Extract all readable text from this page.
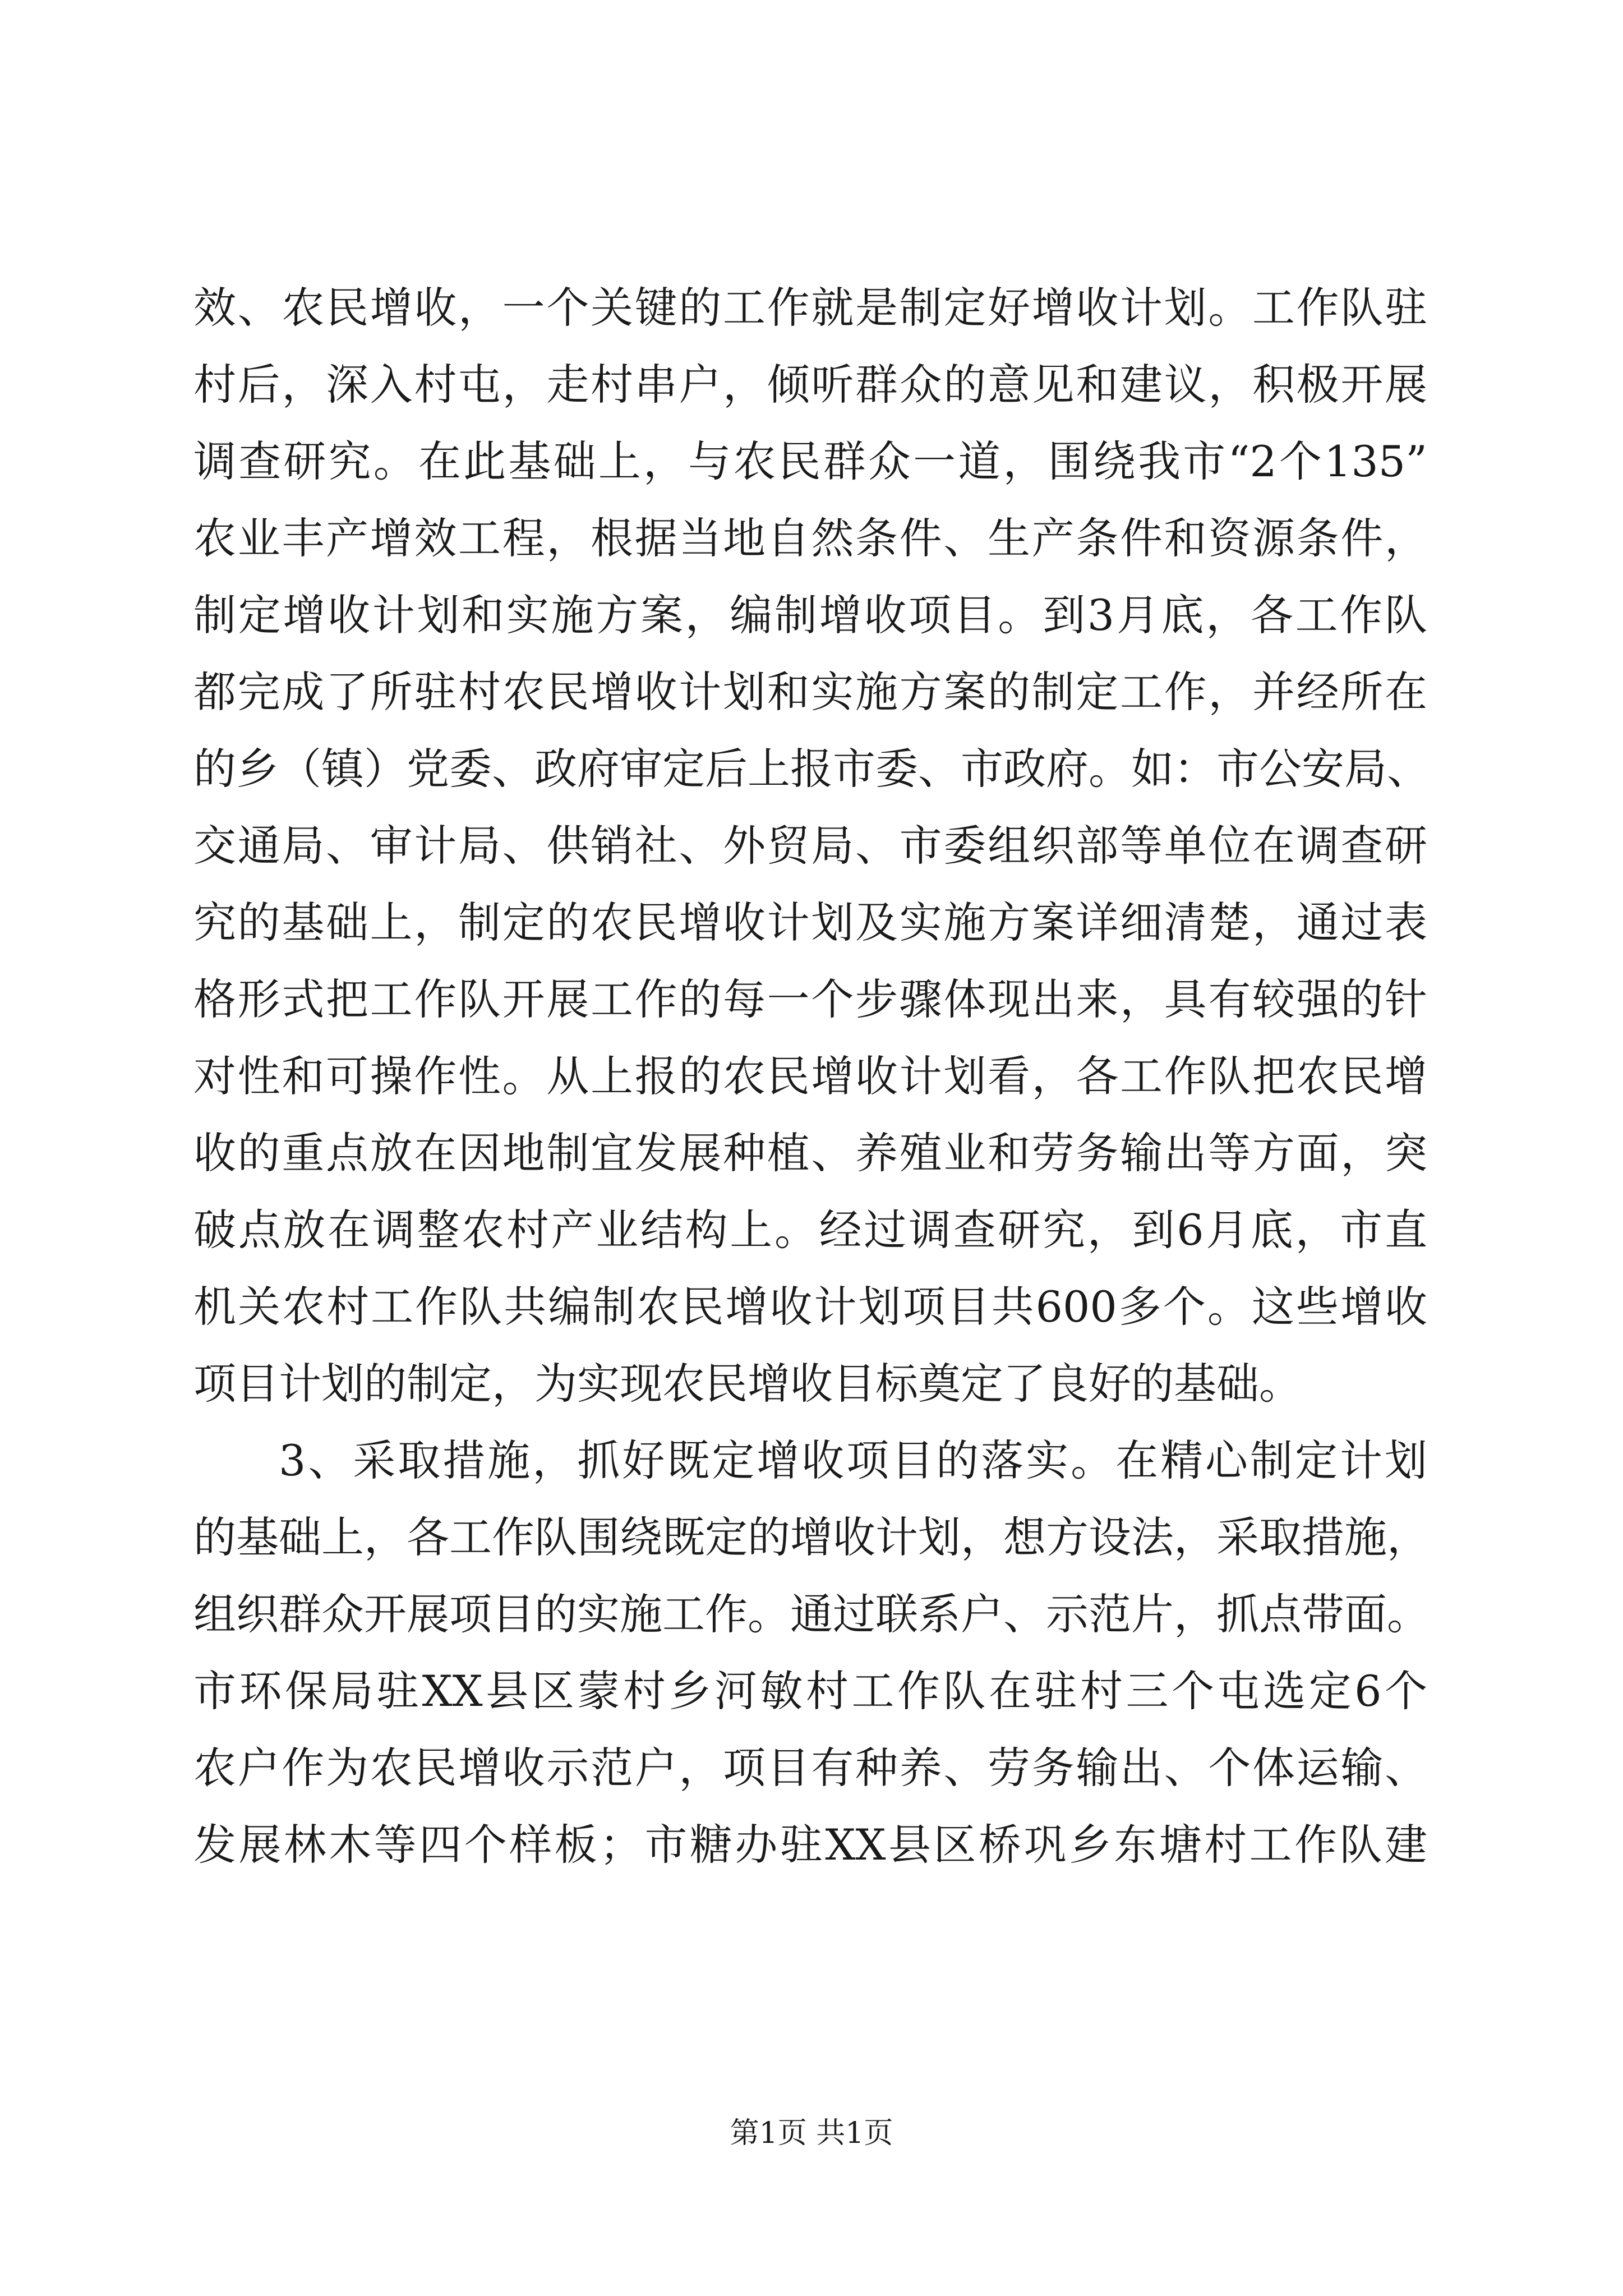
效、农民增收，一个关键的工作就是制定好增收计划。工作队驻
村后，深入村屯，走村串户，倾听群众的意见和建议，积极开展
调查研究。在此基础上，与农民群众一道，围绕我市“2个135”
农业丰产增效工程，根据当地自然条件、生产条件和资源条件，
制定增收计划和实施方案，编制增收项目。到3月底，各工作队
都完成了所驻村农民增收计划和实施方案的制定工作，并经所在
的乡（镇）党委、政府审定后上报市委、市政府。如：市公安局、
交通局、审计局、供销社、外贸局、市委组织部等单位在调查研
究的基础上，制定的农民增收计划及实施方案详细清楚，通过表
格形式把工作队开展工作的每一个步骤体现出来，具有较强的针
对性和可操作性。从上报的农民增收计划看，各工作队把农民增
收的重点放在因地制宜发展种植、养殖业和劳务输出等方面，突
破点放在调整农村产业结构上。经过调查研究，到6月底，市直
机关农村工作队共编制农民增收计划项目共600多个。这些增收
项目计划的制定，为实现农民增收目标奠定了良好的基础。
3、采取措施，抓好既定增收项目的落实。在精心制定计划
的基础上，各工作队围绕既定的增收计划，想方设法，采取措施，
组织群众开展项目的实施工作。通过联系户、示范片，抓点带面。
市环保局驻XX县区蒙村乡河敏村工作队在驻村三个屯选定6个
农户作为农民增收示范户，项目有种养、劳务输出、个体运输、
发展林木等四个样板；市糖办驻XX县区桥巩乡东塘村工作队建
第1页 共1页
